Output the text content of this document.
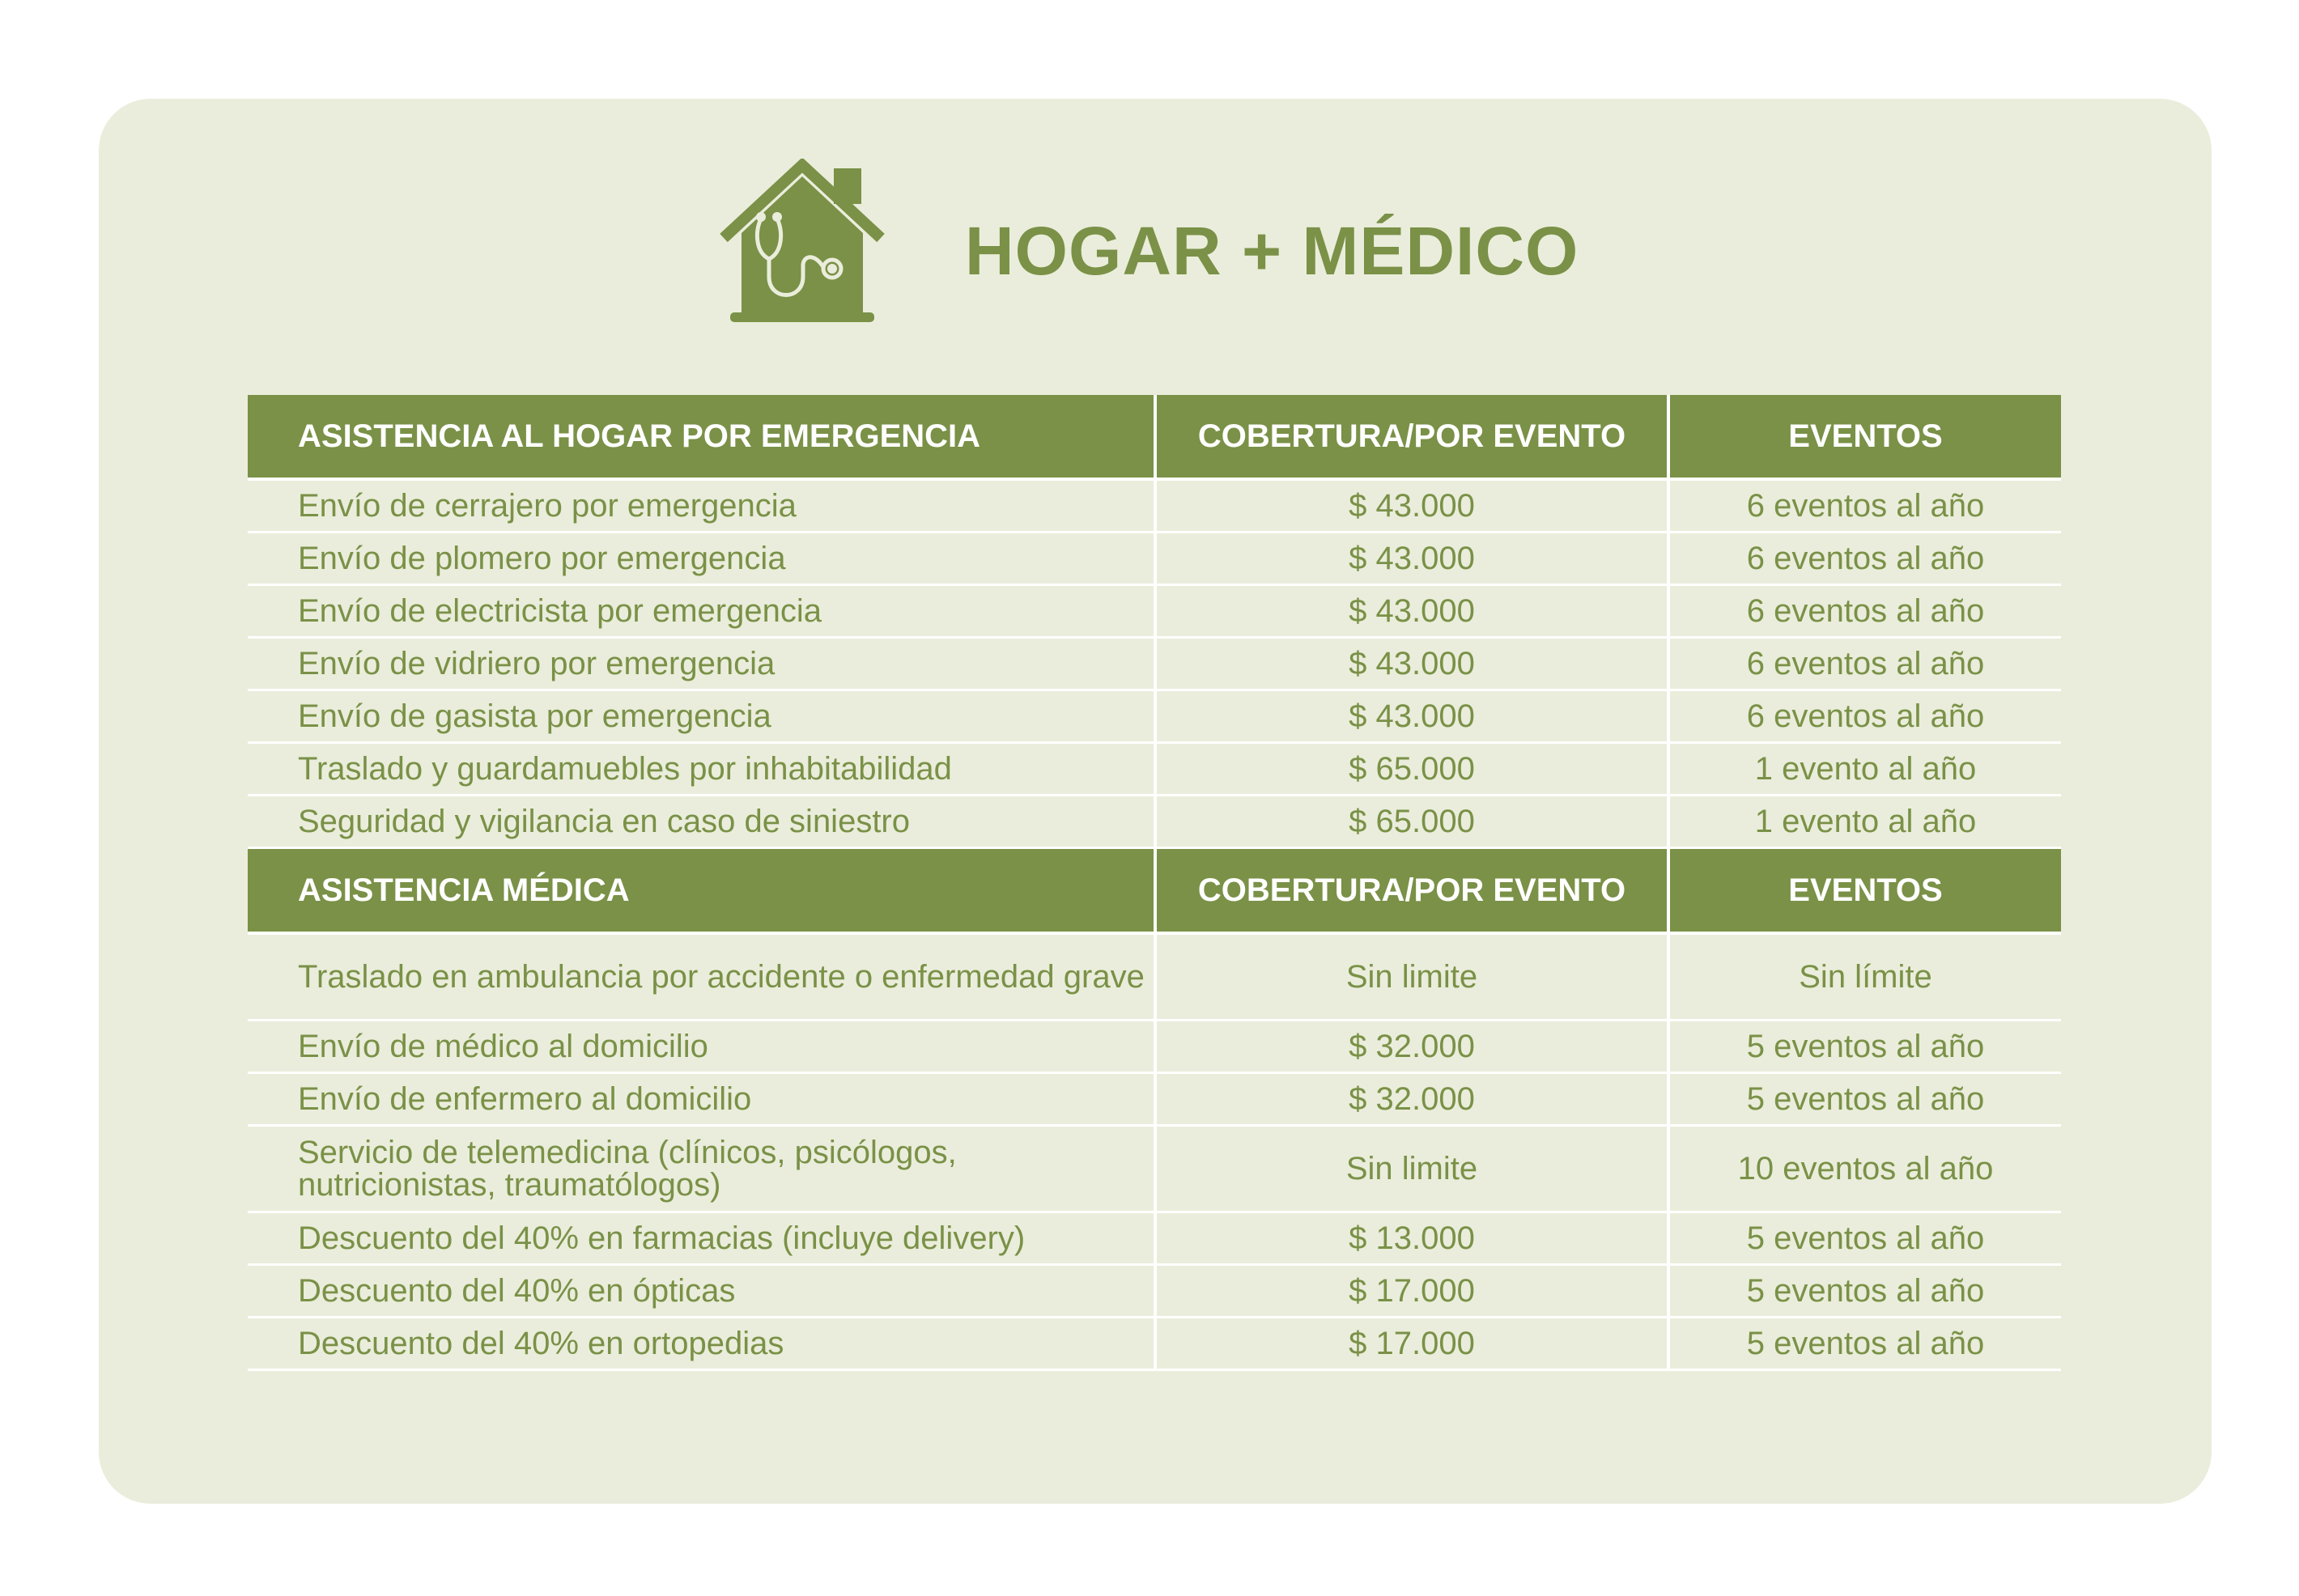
HOGAR + MÉDICO
ASISTENCIA AL HOGAR POR EMERGENCIA	COBERTURA/POR EVENTO	EVENTOS
Envío de cerrajero por emergencia	$ 43.000	6 eventos al año
Envío de plomero por emergencia	$ 43.000	6 eventos al año
Envío de electricista por emergencia	$ 43.000	6 eventos al año
Envío de vidriero por emergencia	$ 43.000	6 eventos al año
Envío de gasista por emergencia	$ 43.000	6 eventos al año
Traslado y guardamuebles por inhabitabilidad	$ 65.000	1 evento al año
Seguridad y vigilancia en caso de siniestro	$ 65.000	1 evento al año
ASISTENCIA MÉDICA	COBERTURA/POR EVENTO	EVENTOS
Traslado en ambulancia por accidente o enfermedad grave	Sin limite	Sin límite
Envío de médico al domicilio	$ 32.000	5 eventos al año
Envío de enfermero al domicilio	$ 32.000	5 eventos al año
Servicio de telemedicina (clínicos, psicólogos, nutricionistas, traumatólogos)	Sin limite	10 eventos al año
Descuento del 40% en farmacias (incluye delivery)	$ 13.000	5 eventos al año
Descuento del 40% en ópticas	$ 17.000	5 eventos al año
Descuento del 40% en ortopedias	$ 17.000	5 eventos al año
